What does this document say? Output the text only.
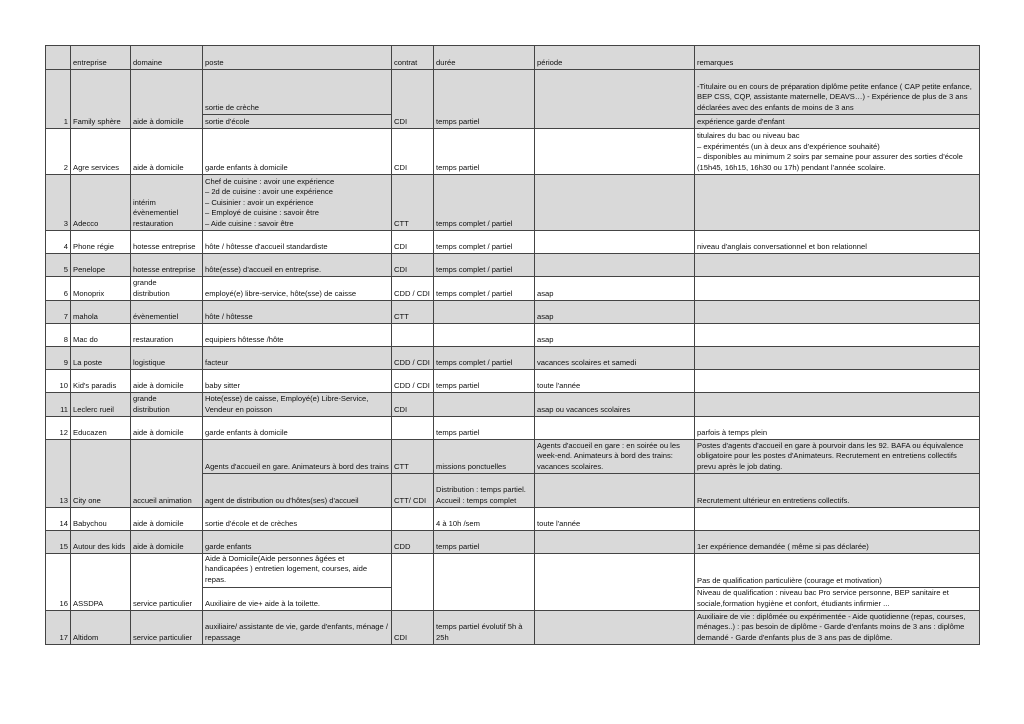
	entreprise	domaine	poste	contrat	durée	période	remarques
1	Family sphère	aide à domicile	sortie de crèche	CDI	temps partiel		-Titulaire ou en cours de préparation diplôme petite enfance ( CAP petite enfance, BEP CSS, CQP, assistante maternelle, DEAVS…) - Expérience de plus de 3 ans déclarées avec des enfants de moins de 3 ans
			sortie d'école				expérience garde d'enfant
2	Agre services	aide à domicile	garde enfants à domicile	CDI	temps partiel		titulaires du bac ou niveau bac
– expérimentés (un à deux ans d’expérience souhaité)
– disponibles au minimum 2 soirs par semaine pour assurer des sorties d’école (15h45, 16h15, 16h30 ou 17h) pendant l’année scolaire.
3	Adecco	intérim
évènementiel
restauration	Chef de cuisine : avoir une expérience
– 2d de cuisine : avoir une expérience
– Cuisinier : avoir un expérience
– Employé de cuisine : savoir être
– Aide cuisine : savoir être	CTT	temps complet / partiel		
4	Phone régie	hotesse entreprise	hôte / hôtesse d'accueil standardiste	CDI	temps complet / partiel		niveau d'anglais conversationnel et bon relationnel
5	Penelope	hotesse entreprise	hôte(esse) d’accueil en entreprise.	CDI	temps complet / partiel		
6	Monoprix	grande
distribution	employé(e) libre-service, hôte(sse) de caisse	CDD / CDI	temps complet / partiel	asap	
7	mahola	évènementiel	hôte / hôtesse	CTT		asap	
8	Mac do	restauration	equipiers hôtesse /hôte			asap	
9	La poste	logistique	facteur	CDD / CDI	temps complet / partiel	vacances scolaires et samedi	
10	Kid's paradis	aide à domicile	baby sitter	CDD / CDI	temps partiel	toute l'année	
11	Leclerc rueil	grande
distribution	Hote(esse) de caisse, Employé(e) Libre-Service,
Vendeur en poisson	CDI		asap ou vacances scolaires	
12	Educazen	aide à domicile	garde enfants à domicile		temps partiel		parfois à temps plein
13	City one	accueil animation	Agents d'accueil en gare. Animateurs à bord des trains	CTT	missions ponctuelles	Agents d'accueil en gare : en soirée ou les week-end. Animateurs à bord des trains: vacances scolaires.	Postes d'agents d'accueil en gare à pourvoir dans les 92. BAFA ou équivalence obligatoire pour les postes d'Animateurs. Recrutement en entretiens collectifs prevu après le job dating.
			agent de distribution ou d'hôtes(ses) d'accueil	CTT/ CDI	Distribution : temps partiel. Accueil : temps complet		Recrutement ultérieur en entretiens collectifs.
14	Babychou	aide à domicile	sortie d'école et de crèches		4 à 10h /sem	toute l'année	
15	Autour des kids	aide à domicile	garde enfants	CDD	temps partiel		1er expérience demandée ( même si pas déclarée)
16	ASSDPA	service particulier	Aide à Domicile(Aide personnes âgées et handicapées ) entretien logement, courses, aide repas.				Pas de qualification particulière (courage et motivation)
			Auxiliaire de vie+ aide à la toilette.				Niveau de qualification : niveau bac Pro service personne, BEP sanitaire et sociale,formation hygiène et confort, étudiants infirmier ...
17	Altidom	service particulier	auxiliaire/ assistante de vie, garde d'enfants, ménage / repassage	CDI	temps partiel évolutif 5h à 25h		Auxiliaire de vie : diplômée ou expérimentée - Aide quotidienne (repas, courses, ménages..) : pas besoin de diplôme - Garde d'enfants moins de 3 ans : diplôme demandé - Garde d'enfants plus de 3 ans pas de diplôme.
